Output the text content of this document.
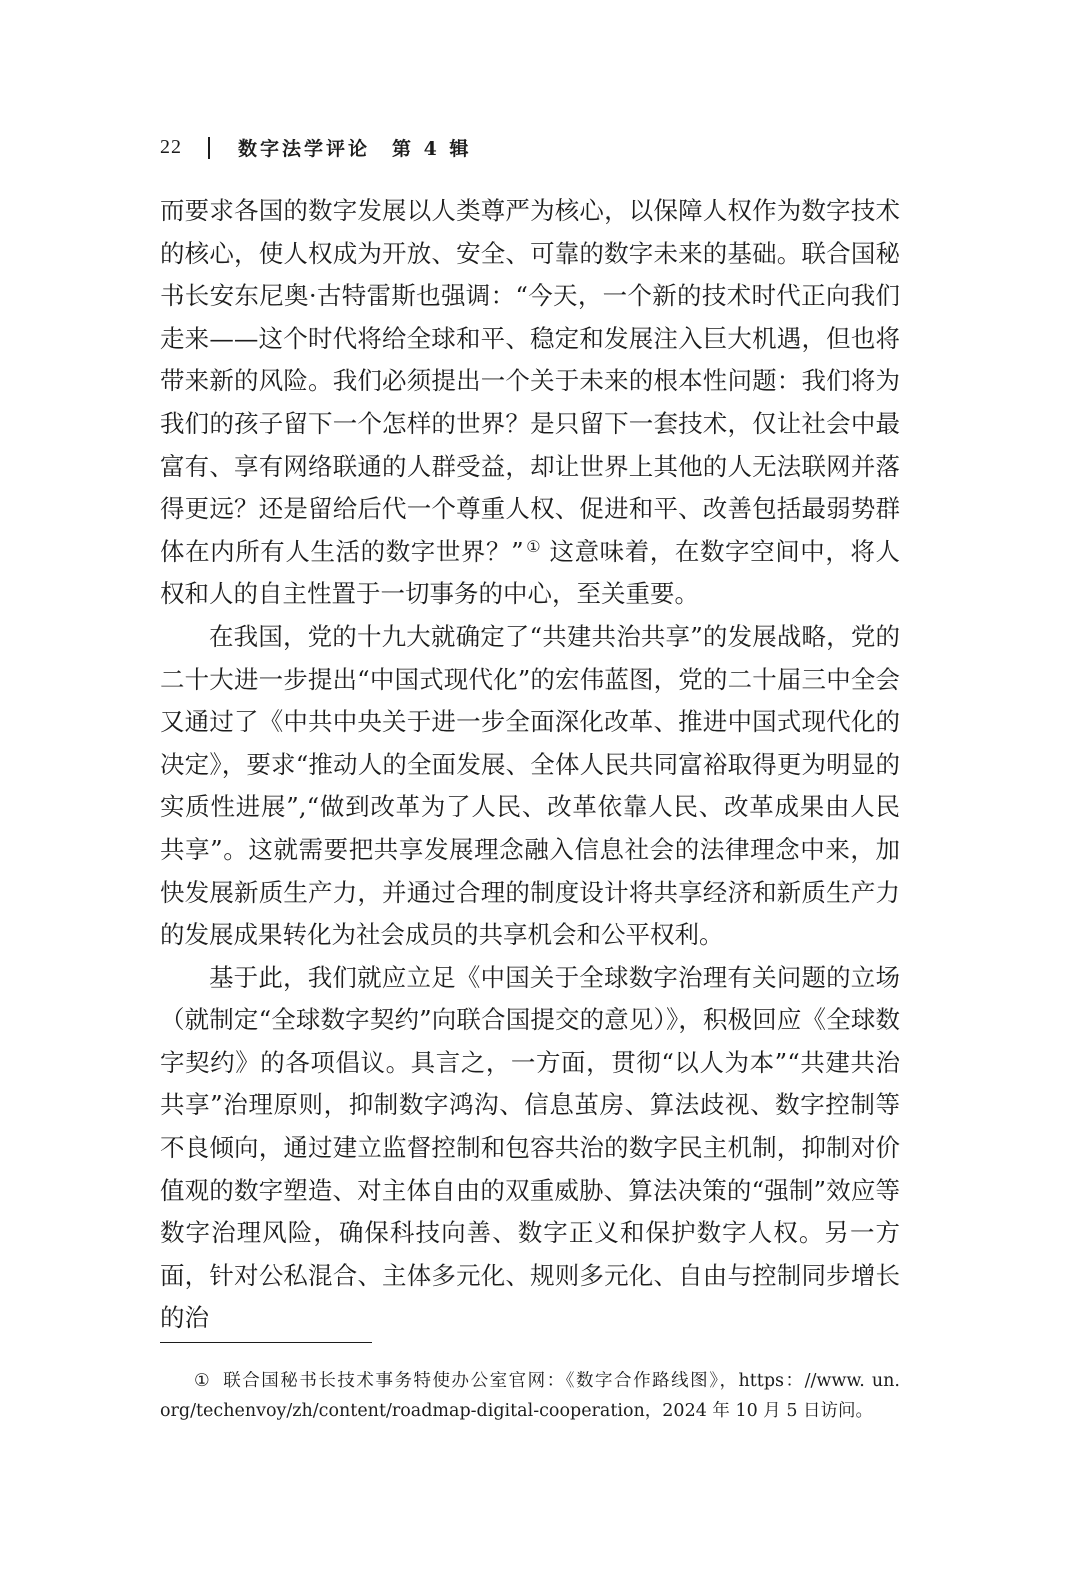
22	数字法学评论　第 4 辑

而要求各国的数字发展以人类尊严为核心，以保障人权作为数字技术的核心，使人权成为开放、安全、可靠的数字未来的基础。联合国秘书长安东尼奥·古特雷斯也强调：“今天，一个新的技术时代正向我们走来——这个时代将给全球和平、稳定和发展注入巨大机遇，但也将带来新的风险。我们必须提出一个关于未来的根本性问题：我们将为我们的孩子留下一个怎样的世界？是只留下一套技术，仅让社会中最富有、享有网络联通的人群受益，却让世界上其他的人无法联网并落得更远？还是留给后代一个尊重人权、促进和平、改善包括最弱势群体在内所有人生活的数字世界？” ① 这意味着，在数字空间中，将人权和人的自主性置于一切事务的中心，至关重要。

在我国，党的十九大就确定了“共建共治共享”的发展战略，党的二十大进一步提出“中国式现代化”的宏伟蓝图，党的二十届三中全会又通过了《中共中央关于进一步全面深化改革、推进中国式现代化的决定》，要求“推动人的全面发展、全体人民共同富裕取得更为明显的实质性进展”,“做到改革为了人民、改革依靠人民、改革成果由人民共享”。这就需要把共享发展理念融入信息社会的法律理念中来，加快发展新质生产力，并通过合理的制度设计将共享经济和新质生产力的发展成果转化为社会成员的共享机会和公平权利。

基于此，我们就应立足《中国关于全球数字治理有关问题的立场（就制定“全球数字契约”向联合国提交的意见）》，积极回应《全球数字契约》的各项倡议。具言之，一方面，贯彻“以人为本”“共建共治共享”治理原则，抑制数字鸿沟、信息茧房、算法歧视、数字控制等不良倾向，通过建立监督控制和包容共治的数字民主机制，抑制对价值观的数字塑造、对主体自由的双重威胁、算法决策的“强制”效应等数字治理风险，确保科技向善、数字正义和保护数字人权。另一方面，针对公私混合、主体多元化、规则多元化、自由与控制同步增长的治

① 联合国秘书长技术事务特使办公室官网：《数字合作路线图》，https：//www. un. org/techenvoy/zh/content/roadmap-digital-cooperation，2024 年 10 月 5 日访问。
